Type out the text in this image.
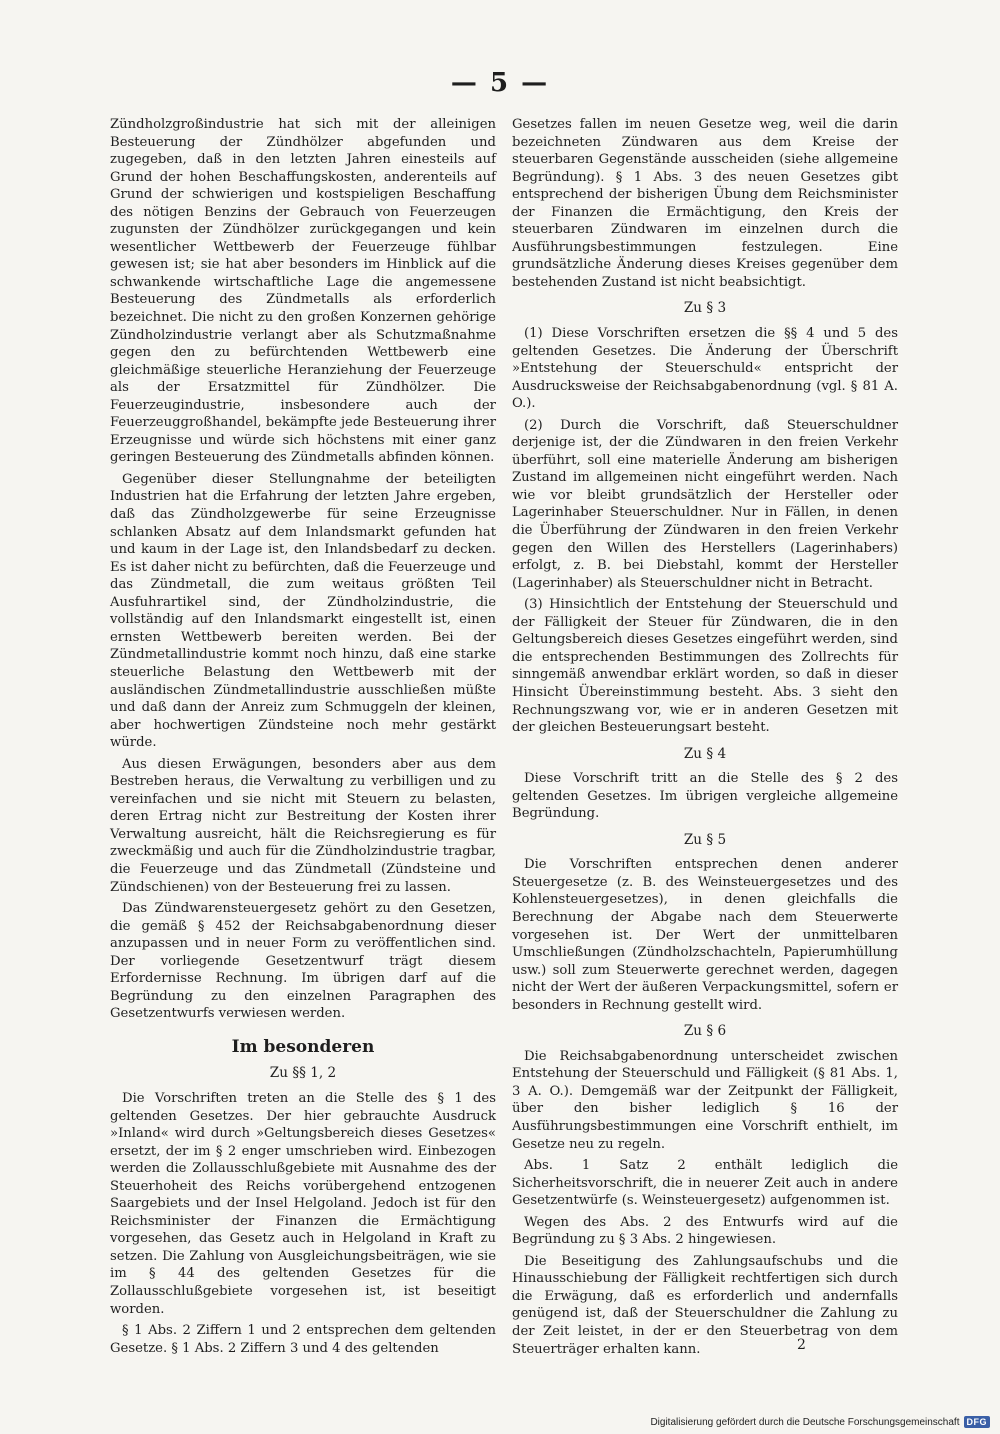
— 5 —

Zündholzgroßindustrie hat sich mit der alleinigen Besteuerung der Zündhölzer abgefunden und zugegeben, daß in den letzten Jahren einesteils auf Grund der hohen Beschaffungskosten, anderenteils auf Grund der schwierigen und kostspieligen Beschaffung des nötigen Benzins der Gebrauch von Feuerzeugen zugunsten der Zündhölzer zurückgegangen und kein wesentlicher Wettbewerb der Feuerzeuge fühlbar gewesen ist; sie hat aber besonders im Hinblick auf die schwankende wirtschaftliche Lage die angemessene Besteuerung des Zündmetalls als erforderlich bezeichnet. Die nicht zu den großen Konzernen gehörige Zündholzindustrie verlangt aber als Schutzmaßnahme gegen den zu befürchtenden Wettbewerb eine gleichmäßige steuerliche Heranziehung der Feuerzeuge als der Ersatzmittel für Zündhölzer. Die Feuerzeugindustrie, insbesondere auch der Feuerzeuggroßhandel, bekämpfte jede Besteuerung ihrer Erzeugnisse und würde sich höchstens mit einer ganz geringen Besteuerung des Zündmetalls abfinden können.

Gegenüber dieser Stellungnahme der beteiligten Industrien hat die Erfahrung der letzten Jahre ergeben, daß das Zündholzgewerbe für seine Erzeugnisse schlanken Absatz auf dem Inlandsmarkt gefunden hat und kaum in der Lage ist, den Inlandsbedarf zu decken. Es ist daher nicht zu befürchten, daß die Feuerzeuge und das Zündmetall, die zum weitaus größten Teil Ausfuhrartikel sind, der Zündholzindustrie, die vollständig auf den Inlandsmarkt eingestellt ist, einen ernsten Wettbewerb bereiten werden. Bei der Zündmetallindustrie kommt noch hinzu, daß eine starke steuerliche Belastung den Wettbewerb mit der ausländischen Zündmetallindustrie ausschließen müßte und daß dann der Anreiz zum Schmuggeln der kleinen, aber hochwertigen Zündsteine noch mehr gestärkt würde.

Aus diesen Erwägungen, besonders aber aus dem Bestreben heraus, die Verwaltung zu verbilligen und zu vereinfachen und sie nicht mit Steuern zu belasten, deren Ertrag nicht zur Bestreitung der Kosten ihrer Verwaltung ausreicht, hält die Reichsregierung es für zweckmäßig und auch für die Zündholzindustrie tragbar, die Feuerzeuge und das Zündmetall (Zündsteine und Zündschienen) von der Besteuerung frei zu lassen.

Das Zündwarensteuergesetz gehört zu den Gesetzen, die gemäß § 452 der Reichsabgabenordnung dieser anzupassen und in neuer Form zu veröffentlichen sind. Der vorliegende Gesetzentwurf trägt diesem Erfordernisse Rechnung. Im übrigen darf auf die Begründung zu den einzelnen Paragraphen des Gesetzentwurfs verwiesen werden.

Im besonderen
Zu §§ 1, 2

Die Vorschriften treten an die Stelle des § 1 des geltenden Gesetzes. Der hier gebrauchte Ausdruck »Inland« wird durch »Geltungsbereich dieses Gesetzes« ersetzt, der im § 2 enger umschrieben wird. Einbezogen werden die Zollausschlußgebiete mit Ausnahme des der Steuerhoheit des Reichs vorübergehend entzogenen Saargebiets und der Insel Helgoland. Jedoch ist für den Reichsminister der Finanzen die Ermächtigung vorgesehen, das Gesetz auch in Helgoland in Kraft zu setzen. Die Zahlung von Ausgleichungsbeiträgen, wie sie im § 44 des geltenden Gesetzes für die Zollausschlußgebiete vorgesehen ist, ist beseitigt worden.

§ 1 Abs. 2 Ziffern 1 und 2 entsprechen dem geltenden Gesetze. § 1 Abs. 2 Ziffern 3 und 4 des geltenden

Gesetzes fallen im neuen Gesetze weg, weil die darin bezeichneten Zündwaren aus dem Kreise der steuerbaren Gegenstände ausscheiden (siehe allgemeine Begründung). § 1 Abs. 3 des neuen Gesetzes gibt entsprechend der bisherigen Übung dem Reichsminister der Finanzen die Ermächtigung, den Kreis der steuerbaren Zündwaren im einzelnen durch die Ausführungsbestimmungen festzulegen. Eine grundsätzliche Änderung dieses Kreises gegenüber dem bestehenden Zustand ist nicht beabsichtigt.

Zu § 3

(1) Diese Vorschriften ersetzen die §§ 4 und 5 des geltenden Gesetzes. Die Änderung der Überschrift »Entstehung der Steuerschuld« entspricht der Ausdrucksweise der Reichsabgabenordnung (vgl. § 81 A. O.).

(2) Durch die Vorschrift, daß Steuerschuldner derjenige ist, der die Zündwaren in den freien Verkehr überführt, soll eine materielle Änderung am bisherigen Zustand im allgemeinen nicht eingeführt werden. Nach wie vor bleibt grundsätzlich der Hersteller oder Lagerinhaber Steuerschuldner. Nur in Fällen, in denen die Überführung der Zündwaren in den freien Verkehr gegen den Willen des Herstellers (Lagerinhabers) erfolgt, z. B. bei Diebstahl, kommt der Hersteller (Lagerinhaber) als Steuerschuldner nicht in Betracht.

(3) Hinsichtlich der Entstehung der Steuerschuld und der Fälligkeit der Steuer für Zündwaren, die in den Geltungsbereich dieses Gesetzes eingeführt werden, sind die entsprechenden Bestimmungen des Zollrechts für sinngemäß anwendbar erklärt worden, so daß in dieser Hinsicht Übereinstimmung besteht. Abs. 3 sieht den Rechnungszwang vor, wie er in anderen Gesetzen mit der gleichen Besteuerungsart besteht.

Zu § 4

Diese Vorschrift tritt an die Stelle des § 2 des geltenden Gesetzes. Im übrigen vergleiche allgemeine Begründung.

Zu § 5

Die Vorschriften entsprechen denen anderer Steuergesetze (z. B. des Weinsteuergesetzes und des Kohlensteuergesetzes), in denen gleichfalls die Berechnung der Abgabe nach dem Steuerwerte vorgesehen ist. Der Wert der unmittelbaren Umschließungen (Zündholzschachteln, Papierumhüllung usw.) soll zum Steuerwerte gerechnet werden, dagegen nicht der Wert der äußeren Verpackungsmittel, sofern er besonders in Rechnung gestellt wird.

Zu § 6

Die Reichsabgabenordnung unterscheidet zwischen Entstehung der Steuerschuld und Fälligkeit (§ 81 Abs. 1, 3 A. O.). Demgemäß war der Zeitpunkt der Fälligkeit, über den bisher lediglich § 16 der Ausführungsbestimmungen eine Vorschrift enthielt, im Gesetze neu zu regeln.

Abs. 1 Satz 2 enthält lediglich die Sicherheitsvorschrift, die in neuerer Zeit auch in andere Gesetzentwürfe (s. Weinsteuergesetz) aufgenommen ist.

Wegen des Abs. 2 des Entwurfs wird auf die Begründung zu § 3 Abs. 2 hingewiesen.

Die Beseitigung des Zahlungsaufschubs und die Hinausschiebung der Fälligkeit rechtfertigen sich durch die Erwägung, daß es erforderlich und andernfalls genügend ist, daß der Steuerschuldner die Zahlung zu der Zeit leistet, in der er den Steuerbetrag von dem Steuerträger erhalten kann.	2
Digitalisierung gefördert durch die Deutsche Forschungsgemeinschaft DFG
